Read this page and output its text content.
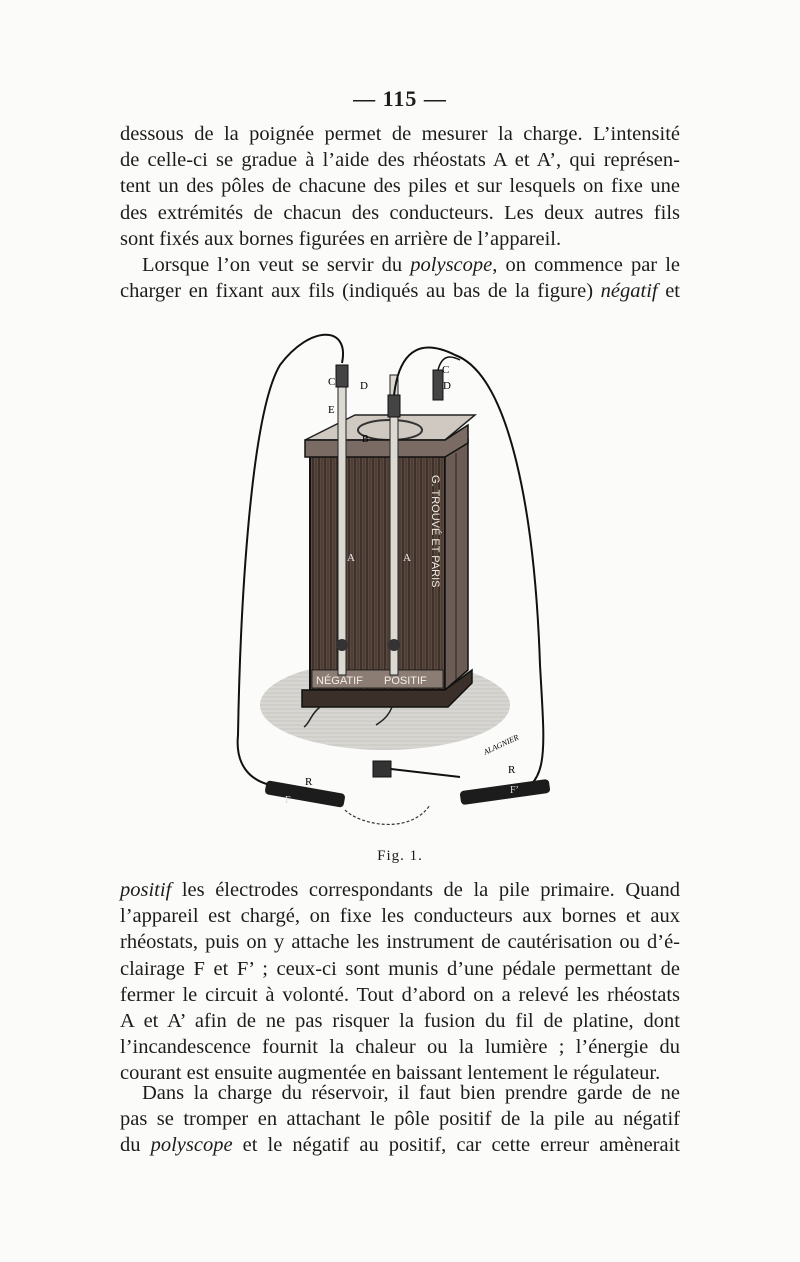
— 115 —

dessous de la poignée permet de mesurer la charge. L’intensité
de celle-ci se gradue à l’aide des rhéostats A et A’, qui représen-
tent un des pôles de chacune des piles et sur lesquels on fixe une
des extrémités de chacun des conducteurs. Les deux autres fils
sont fixés aux bornes figurées en arrière de l’appareil.
Lorsque l’on veut se servir du polyscope, on commence par le
charger en fixant aux fils (indiqués au bas de la figure) négatif et

NÉGATIF POSITIF
G. TROUVÉ ET PARIS
C D
E
B
C
D
A	A
R
R
F
F’
ALAGNIER
Fig. 1.

positif les électrodes correspondants de la pile primaire. Quand
l’appareil est chargé, on fixe les conducteurs aux bornes et aux
rhéostats, puis on y attache les instrument de cautérisation ou d’é-
clairage F et F’ ; ceux-ci sont munis d’une pédale permettant de
fermer le circuit à volonté. Tout d’abord on a relevé les rhéostats
A et A’ afin de ne pas risquer la fusion du fil de platine, dont
l’incandescence fournit la chaleur ou la lumière ; l’énergie du
courant est ensuite augmentée en baissant lentement le régulateur.

Dans la charge du réservoir, il faut bien prendre garde de ne
pas se tromper en attachant le pôle positif de la pile au négatif
du polyscope et le négatif au positif, car cette erreur amènerait
